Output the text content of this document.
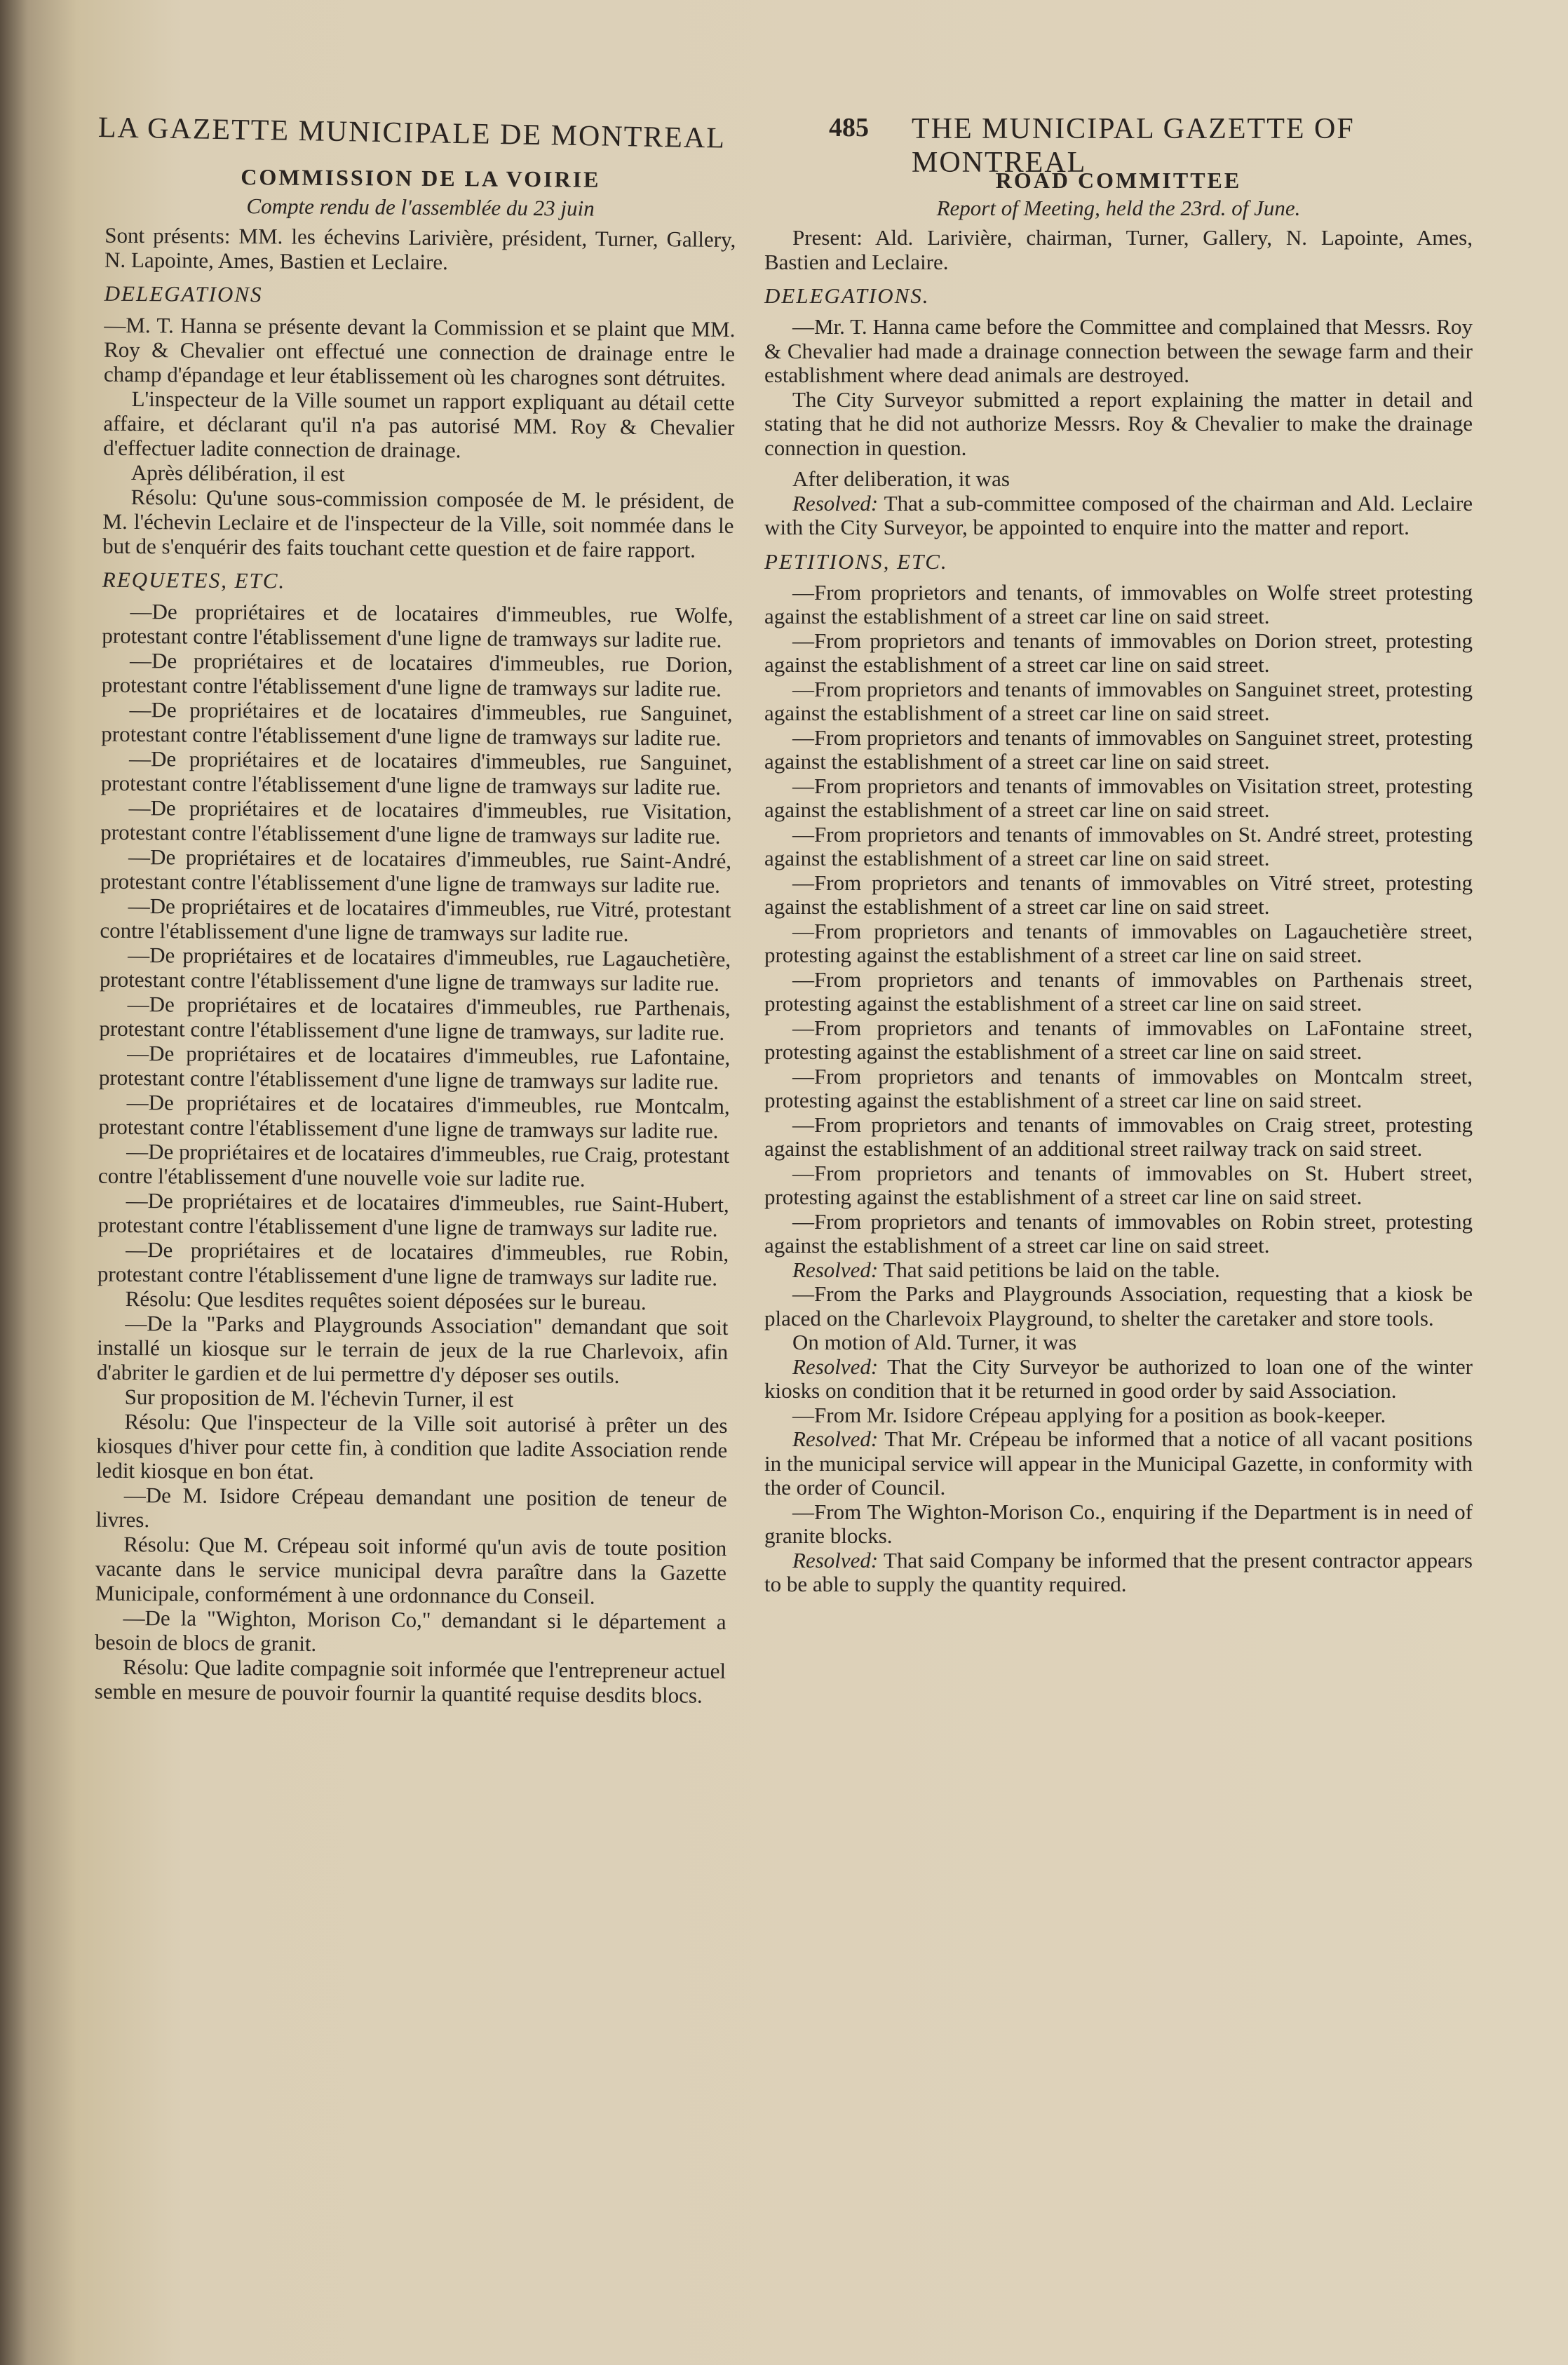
LA GAZETTE MUNICIPALE DE MONTREAL	485 THE MUNICIPAL GAZETTE OF MONTREAL
COMMISSION DE LA VOIRIE
Compte rendu de l'assemblée du 23 juin

Sont présents: MM. les échevins Larivière, président, Turner, Gallery, N. Lapointe, Ames, Bastien et Leclaire.

DELEGATIONS

—M. T. Hanna se présente devant la Commission et se plaint que MM. Roy & Chevalier ont effectué une connection de drainage entre le champ d'épandage et leur établissement où les charognes sont détruites.

L'inspecteur de la Ville soumet un rapport expliquant au détail cette affaire, et déclarant qu'il n'a pas autorisé MM. Roy & Chevalier d'effectuer ladite connection de drainage.

Après délibération, il est

Résolu: Qu'une sous-commission composée de M. le président, de M. l'échevin Leclaire et de l'inspecteur de la Ville, soit nommée dans le but de s'enquérir des faits touchant cette question et de faire rapport.

REQUETES, ETC.

—De propriétaires et de locataires d'immeubles, rue Wolfe, protestant contre l'établissement d'une ligne de tramways sur ladite rue.

—De propriétaires et de locataires d'immeubles, rue Dorion, protestant contre l'établissement d'une ligne de tramways sur ladite rue.

—De propriétaires et de locataires d'immeubles, rue Sanguinet, protestant contre l'établissement d'une ligne de tramways sur ladite rue.

—De propriétaires et de locataires d'immeubles, rue Sanguinet, protestant contre l'établissement d'une ligne de tramways sur ladite rue.

—De propriétaires et de locataires d'immeubles, rue Visitation, protestant contre l'établissement d'une ligne de tramways sur ladite rue.

—De propriétaires et de locataires d'immeubles, rue Saint-André, protestant contre l'établissement d'une ligne de tramways sur ladite rue.

—De propriétaires et de locataires d'immeubles, rue Vitré, protestant contre l'établissement d'une ligne de tramways sur ladite rue.

—De propriétaires et de locataires d'immeubles, rue Lagauchetière, protestant contre l'établissement d'une ligne de tramways sur ladite rue.

—De propriétaires et de locataires d'immeubles, rue Parthenais, protestant contre l'établissement d'une ligne de tramways, sur ladite rue.

—De propriétaires et de locataires d'immeubles, rue Lafontaine, protestant contre l'établissement d'une ligne de tramways sur ladite rue.

—De propriétaires et de locataires d'immeubles, rue Montcalm, protestant contre l'établissement d'une ligne de tramways sur ladite rue.

—De propriétaires et de locataires d'immeubles, rue Craig, protestant contre l'établissement d'une nouvelle voie sur ladite rue.

—De propriétaires et de locataires d'immeubles, rue Saint-Hubert, protestant contre l'établissement d'une ligne de tramways sur ladite rue.

—De propriétaires et de locataires d'immeubles, rue Robin, protestant contre l'établissement d'une ligne de tramways sur ladite rue.

Résolu: Que lesdites requêtes soient déposées sur le bureau.

—De la "Parks and Playgrounds Association" demandant que soit installé un kiosque sur le terrain de jeux de la rue Charlevoix, afin d'abriter le gardien et de lui permettre d'y déposer ses outils.

Sur proposition de M. l'échevin Turner, il est

Résolu: Que l'inspecteur de la Ville soit autorisé à prêter un des kiosques d'hiver pour cette fin, à condition que ladite Association rende ledit kiosque en bon état.

—De M. Isidore Crépeau demandant une position de teneur de livres.

Résolu: Que M. Crépeau soit informé qu'un avis de toute position vacante dans le service municipal devra paraître dans la Gazette Municipale, conformément à une ordonnance du Conseil.

—De la "Wighton, Morison Co," demandant si le département a besoin de blocs de granit.

Résolu: Que ladite compagnie soit informée que l'entrepreneur actuel semble en mesure de pouvoir fournir la quantité requise desdits blocs.

ROAD COMMITTEE
Report of Meeting, held the 23rd. of June.

Present: Ald. Larivière, chairman, Turner, Gallery, N. Lapointe, Ames, Bastien and Leclaire.

DELEGATIONS.

—Mr. T. Hanna came before the Committee and complained that Messrs. Roy & Chevalier had made a drainage connection between the sewage farm and their establishment where dead animals are destroyed.

The City Surveyor submitted a report explaining the matter in detail and stating that he did not authorize Messrs. Roy & Chevalier to make the drainage connection in question.

After deliberation, it was

Resolved: That a sub-committee composed of the chairman and Ald. Leclaire with the City Surveyor, be appointed to enquire into the matter and report.

PETITIONS, ETC.

—From proprietors and tenants, of immovables on Wolfe street protesting against the establishment of a street car line on said street.

—From proprietors and tenants of immovables on Dorion street, protesting against the establishment of a street car line on said street.

—From proprietors and tenants of immovables on Sanguinet street, protesting against the establishment of a street car line on said street.

—From proprietors and tenants of immovables on Sanguinet street, protesting against the establishment of a street car line on said street.

—From proprietors and tenants of immovables on Visitation street, protesting against the establishment of a street car line on said street.

—From proprietors and tenants of immovables on St. André street, protesting against the establishment of a street car line on said street.

—From proprietors and tenants of immovables on Vitré street, protesting against the establishment of a street car line on said street.

—From proprietors and tenants of immovables on Lagauchetière street, protesting against the establishment of a street car line on said street.

—From proprietors and tenants of immovables on Parthenais street, protesting against the establishment of a street car line on said street.

—From proprietors and tenants of immovables on LaFontaine street, protesting against the establishment of a street car line on said street.

—From proprietors and tenants of immovables on Montcalm street, protesting against the establishment of a street car line on said street.

—From proprietors and tenants of immovables on Craig street, protesting against the establishment of an additional street railway track on said street.

—From proprietors and tenants of immovables on St. Hubert street, protesting against the establishment of a street car line on said street.

—From proprietors and tenants of immovables on Robin street, protesting against the establishment of a street car line on said street.

Resolved: That said petitions be laid on the table.

—From the Parks and Playgrounds Association, requesting that a kiosk be placed on the Charlevoix Playground, to shelter the caretaker and store tools.

On motion of Ald. Turner, it was

Resolved: That the City Surveyor be authorized to loan one of the winter kiosks on condition that it be returned in good order by said Association.

—From Mr. Isidore Crépeau applying for a position as book-keeper.

Resolved: That Mr. Crépeau be informed that a notice of all vacant positions in the municipal service will appear in the Municipal Gazette, in conformity with the order of Council.

—From The Wighton-Morison Co., enquiring if the Department is in need of granite blocks.

Resolved: That said Company be informed that the present contractor appears to be able to supply the quantity required.
